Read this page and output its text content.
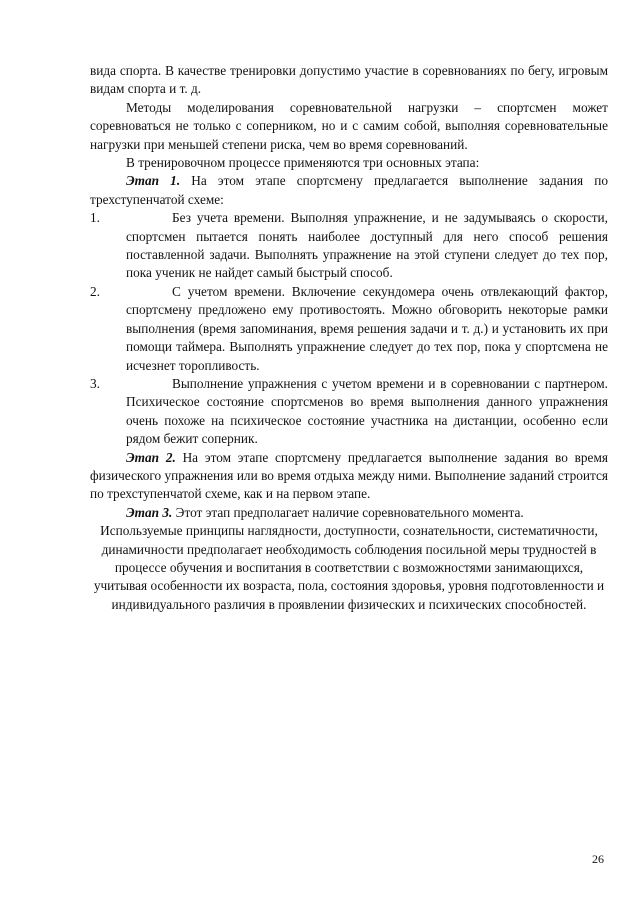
вида спорта. В качестве тренировки допустимо участие в соревнованиях по бегу, игровым видам спорта и т. д.

Методы моделирования соревновательной нагрузки – спортсмен может соревноваться не только с соперником, но и с самим собой, выполняя соревновательные нагрузки при меньшей степени риска, чем во время соревнований.

В тренировочном процессе применяются три основных этапа:

Этап 1. На этом этапе спортсмену предлагается выполнение задания по трехступенчатой схеме:

1.	Без учета времени. Выполняя упражнение, и не задумываясь о скорости, спортсмен пытается понять наиболее доступный для него способ решения поставленной задачи. Выполнять упражнение на этой ступени следует до тех пор, пока ученик не найдет самый быстрый способ.
2.	С учетом времени. Включение секундомера очень отвлекающий фактор, спортсмену предложено ему противостоять. Можно обговорить некоторые рамки выполнения (время запоминания, время решения задачи и т. д.) и установить их при помощи таймера. Выполнять упражнение следует до тех пор, пока у спортсмена не исчезнет торопливость.
3.	Выполнение упражнения с учетом времени и в соревновании с партнером. Психическое состояние спортсменов во время выполнения данного упражнения очень похоже на психическое состояние участника на дистанции, особенно если рядом бежит соперник.

Этап 2. На этом этапе спортсмену предлагается выполнение задания во время физического упражнения или во время отдыха между ними. Выполнение заданий строится по трехступенчатой схеме, как и на первом этапе.

Этап 3. Этот этап предполагает наличие соревновательного момента.

Используемые принципы наглядности, доступности, сознательности, систематичности, динамичности предполагает необходимость соблюдения посильной меры трудностей в процессе обучения и воспитания в соответствии с возможностями занимающихся, учитывая особенности их возраста, пола, состояния здоровья, уровня подготовленности и индивидуального различия в проявлении физических и психических способностей.

26
